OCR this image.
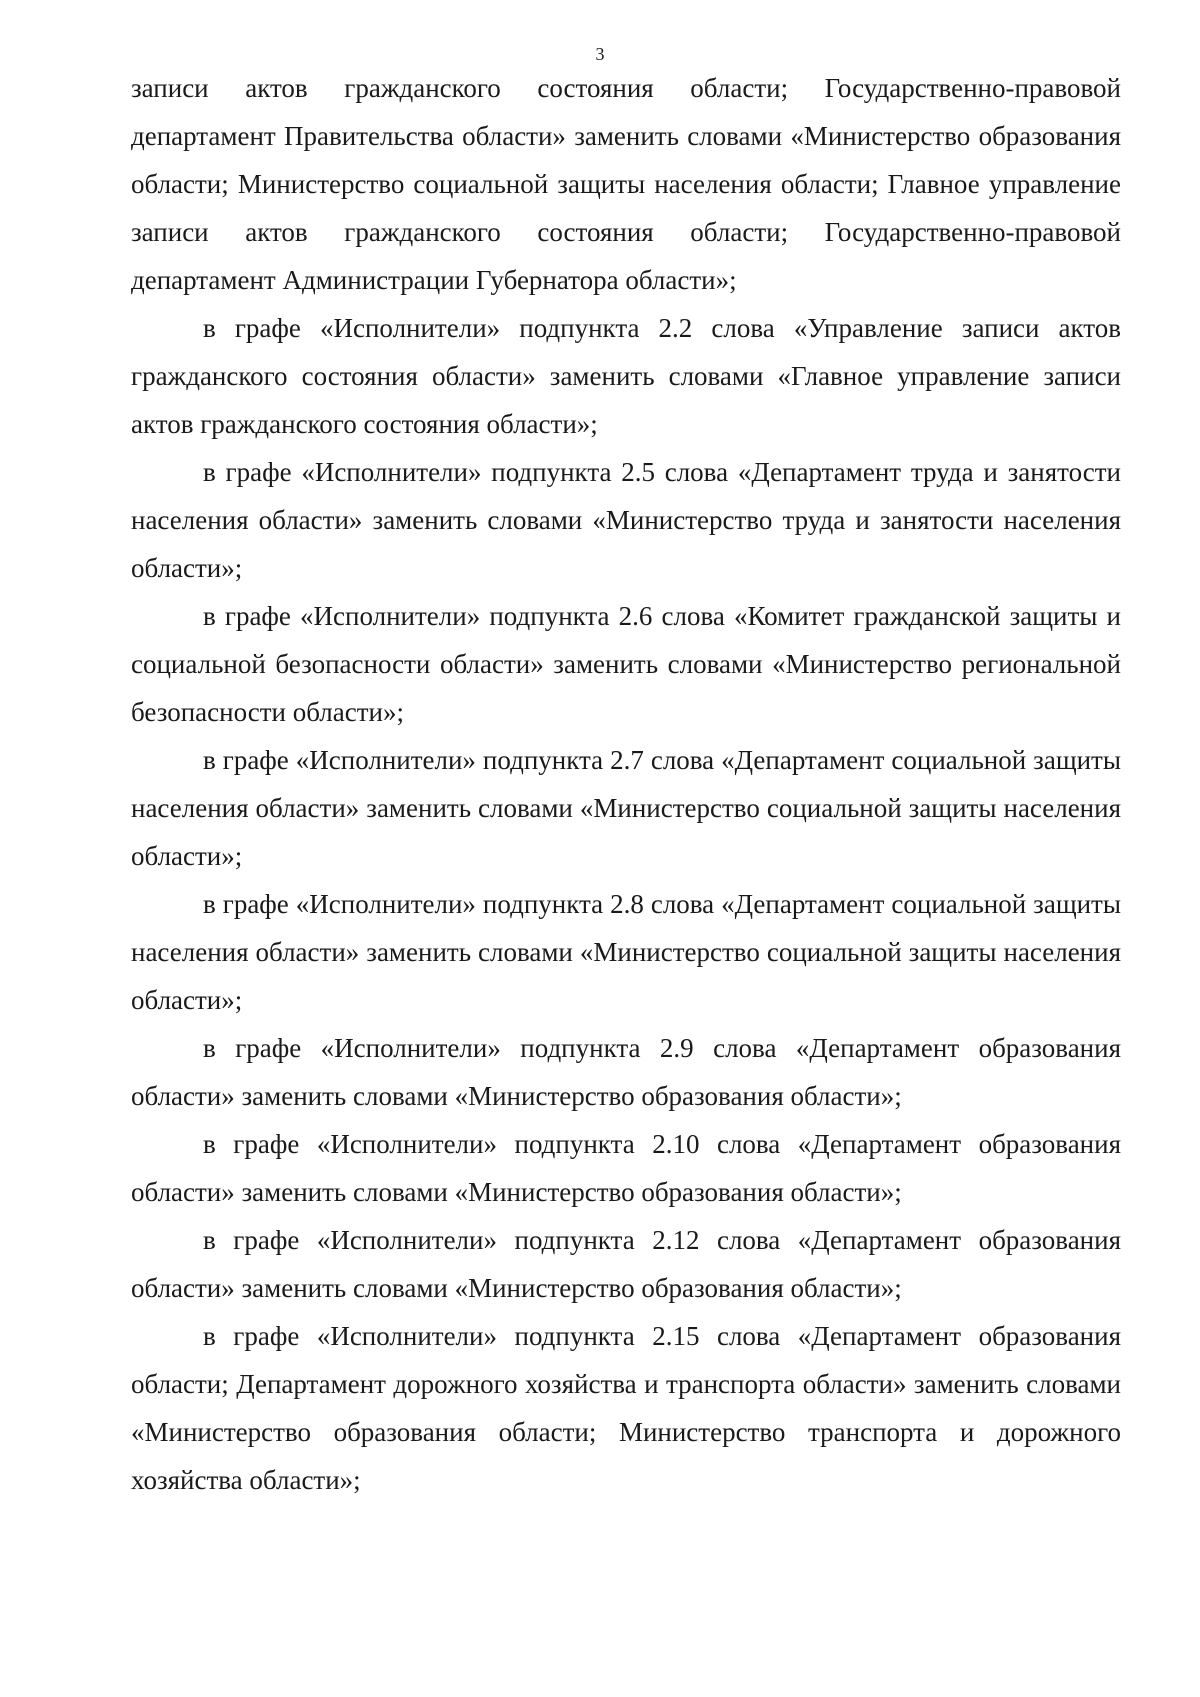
3

записи актов гражданского состояния области; Государственно-правовой департамент Правительства области» заменить словами «Министерство образования области; Министерство социальной защиты населения области; Главное управление записи актов гражданского состояния области; Государственно-правовой департамент Администрации Губернатора области»;

в графе «Исполнители» подпункта 2.2 слова «Управление записи актов гражданского состояния области» заменить словами «Главное управление записи актов гражданского состояния области»;

в графе «Исполнители» подпункта 2.5 слова «Департамент труда и занятости населения области» заменить словами «Министерство труда и занятости населения области»;

в графе «Исполнители» подпункта 2.6 слова «Комитет гражданской защиты и социальной безопасности области» заменить словами «Министерство региональной безопасности области»;

в графе «Исполнители» подпункта 2.7 слова «Департамент социальной защиты населения области» заменить словами «Министерство социальной защиты населения области»;

в графе «Исполнители» подпункта 2.8 слова «Департамент социальной защиты населения области» заменить словами «Министерство социальной защиты населения области»;

в графе «Исполнители» подпункта 2.9 слова «Департамент образования области» заменить словами «Министерство образования области»;

в графе «Исполнители» подпункта 2.10 слова «Департамент образования области» заменить словами «Министерство образования области»;

в графе «Исполнители» подпункта 2.12 слова «Департамент образования области» заменить словами «Министерство образования области»;

в графе «Исполнители» подпункта 2.15 слова «Департамент образования области; Департамент дорожного хозяйства и транспорта области» заменить словами «Министерство образования области; Министерство транспорта и дорожного хозяйства области»;
